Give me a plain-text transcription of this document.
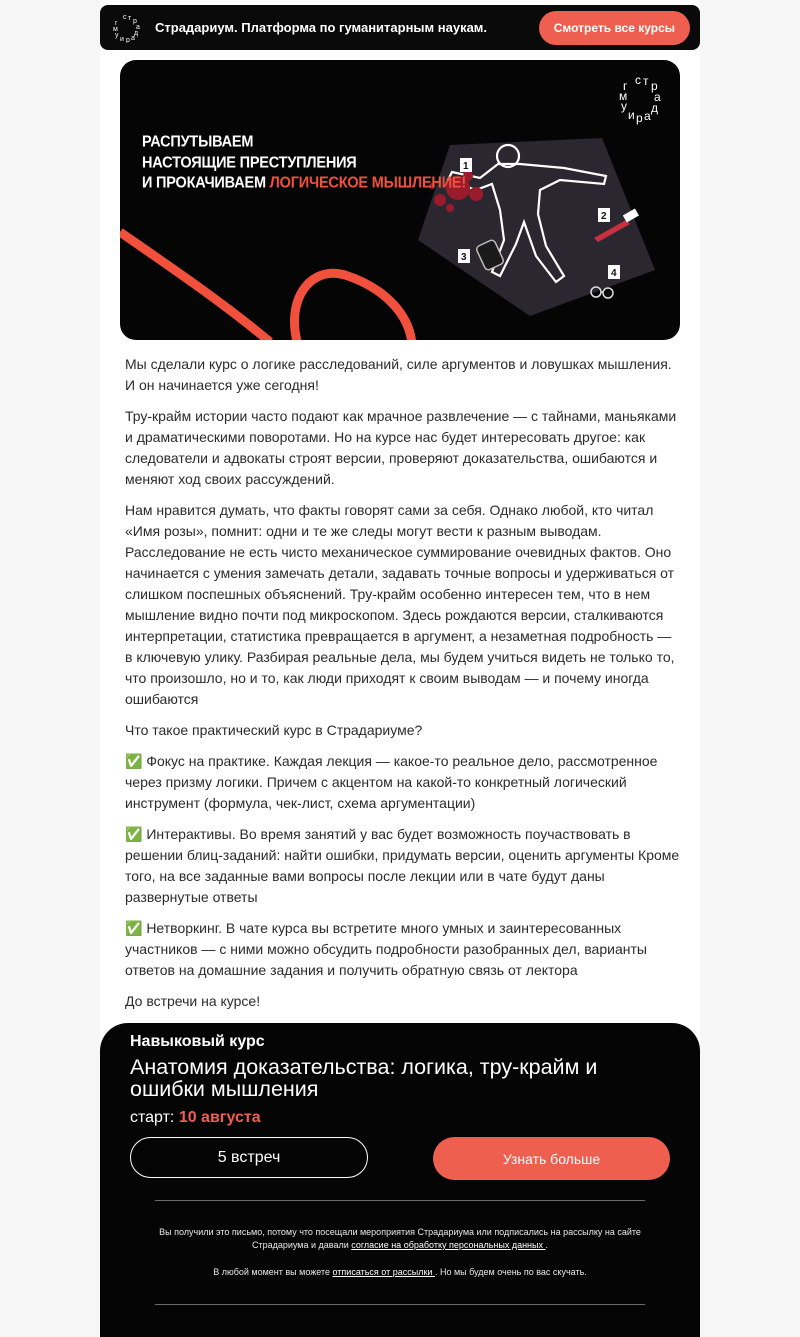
с т р
а
д
г
м
у
и р а
Страдариум. Платформа по гуманитарным наукам.	Смотреть все курсы
1
2
3
4
с т р
а
д
г
м
у
и р а
РАСПУТЫВАЕМ
НАСТОЯЩИЕ ПРЕСТУПЛЕНИЯ
И ПРОКАЧИВАЕМ ЛОГИЧЕСКОЕ МЫШЛЕНИЕ!

Мы сделали курс о логике расследований, силе аргументов и ловушках мышления. И он начинается уже сегодня!

Тру-крайм истории часто подают как мрачное развлечение — с тайнами, маньяками и драматическими поворотами. Но на курсе нас будет интересовать другое: как следователи и адвокаты строят версии, проверяют доказательства, ошибаются и меняют ход своих рассуждений.

Нам нравится думать, что факты говорят сами за себя. Однако любой, кто читал «Имя розы», помнит: одни и те же следы могут вести к разным выводам. Расследование не есть чисто механическое суммирование очевидных фактов. Оно начинается с умения замечать детали, задавать точные вопросы и удерживаться от слишком поспешных объяснений. Тру-крайм особенно интересен тем, что в нем мышление видно почти под микроскопом. Здесь рождаются версии, сталкиваются интерпретации, статистика превращается в аргумент, а незаметная подробность — в ключевую улику. Разбирая реальные дела, мы будем учиться видеть не только то, что произошло, но и то, как люди приходят к своим выводам — и почему иногда ошибаются

Что такое практический курс в Страдариуме?

✅ Фокус на практике. Каждая лекция — какое-то реальное дело, рассмотренное через призму логики. Причем с акцентом на какой-то конкретный логический инструмент (формула, чек-лист, схема аргументации)

✅ Интерактивы. Во время занятий у вас будет возможность поучаствовать в решении блиц-заданий: найти ошибки, придумать версии, оценить аргументы Кроме того, на все заданные вами вопросы после лекции или в чате будут даны развернутые ответы

✅ Нетворкинг. В чате курса вы встретите много умных и заинтересованных участников — с ними можно обсудить подробности разобранных дел, варианты ответов на домашние задания и получить обратную связь от лектора

До встречи на курсе!

Навыковый курс
Анатомия доказательства: логика, тру-крайм и ошибки мышления
старт: 10 августа
5 встреч	Узнать больше
Вы получили это письмо, потому что посещали мероприятия Страдариума или подписались на рассылку на сайте Страдариума и давали согласие на обработку персональных данных .
В любой момент вы можете отписаться от рассылки . Но мы будем очень по вас скучать.
